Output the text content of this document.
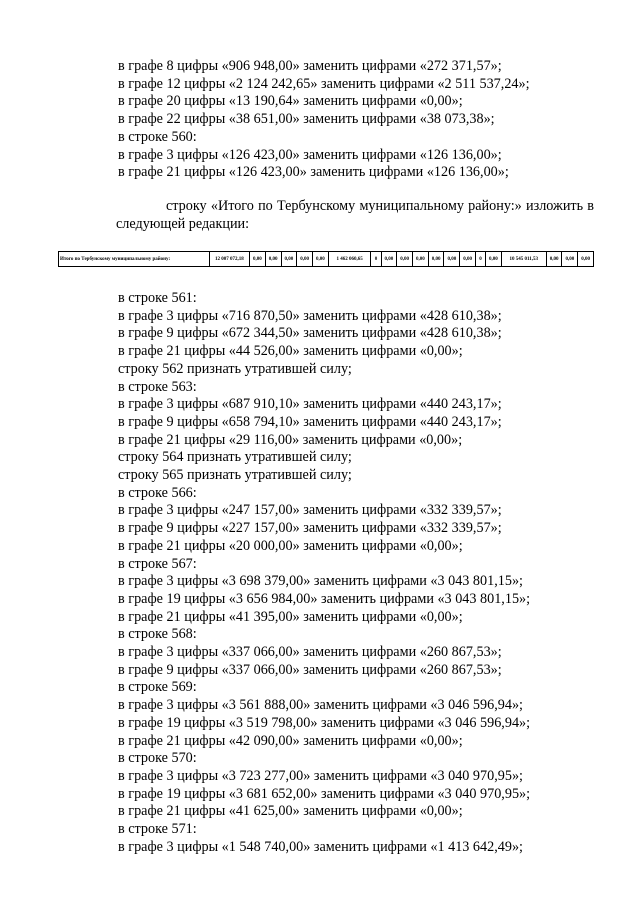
в графе 8 цифры «906 948,00» заменить цифрами «272 371,57»;
в графе 12 цифры «2 124 242,65» заменить цифрами «2 511 537,24»;
в графе 20 цифры «13 190,64» заменить цифрами «0,00»;
в графе 22 цифры «38 651,00» заменить цифрами «38 073,38»;
в строке 560:
в графе 3 цифры «126 423,00» заменить цифрами «126 136,00»;
в графе 21 цифры «126 423,00» заменить цифрами «126 136,00»;
строку «Итого по Тербунскому муниципальному району:» изложить в
следующей редакции:
Итого по Тербунскому муниципальному району:	12 007 072,18	0,00	0,00	0,00	0,00	0,00	1 462 060,65	0	0,00	0,00	0,00	0,00	0,00	0,00	0	0,00	10 545 011,53	0,00	0,00	0,00
в строке 561:
в графе 3 цифры «716 870,50» заменить цифрами «428 610,38»;
в графе 9 цифры «672 344,50» заменить цифрами «428 610,38»;
в графе 21 цифры «44 526,00» заменить цифрами «0,00»;
строку 562 признать утратившей силу;
в строке 563:
в графе 3 цифры «687 910,10» заменить цифрами «440 243,17»;
в графе 9 цифры «658 794,10» заменить цифрами «440 243,17»;
в графе 21 цифры «29 116,00» заменить цифрами «0,00»;
строку 564 признать утратившей силу;
строку 565 признать утратившей силу;
в строке 566:
в графе 3 цифры «247 157,00» заменить цифрами «332 339,57»;
в графе 9 цифры «227 157,00» заменить цифрами «332 339,57»;
в графе 21 цифры «20 000,00» заменить цифрами «0,00»;
в строке 567:
в графе 3 цифры «3 698 379,00» заменить цифрами «3 043 801,15»;
в графе 19 цифры «3 656 984,00» заменить цифрами «3 043 801,15»;
в графе 21 цифры «41 395,00» заменить цифрами «0,00»;
в строке 568:
в графе 3 цифры «337 066,00» заменить цифрами «260 867,53»;
в графе 9 цифры «337 066,00» заменить цифрами «260 867,53»;
в строке 569:
в графе 3 цифры «3 561 888,00» заменить цифрами «3 046 596,94»;
в графе 19 цифры «3 519 798,00» заменить цифрами «3 046 596,94»;
в графе 21 цифры «42 090,00» заменить цифрами «0,00»;
в строке 570:
в графе 3 цифры «3 723 277,00» заменить цифрами «3 040 970,95»;
в графе 19 цифры «3 681 652,00» заменить цифрами «3 040 970,95»;
в графе 21 цифры «41 625,00» заменить цифрами «0,00»;
в строке 571:
в графе 3 цифры «1 548 740,00» заменить цифрами «1 413 642,49»;
